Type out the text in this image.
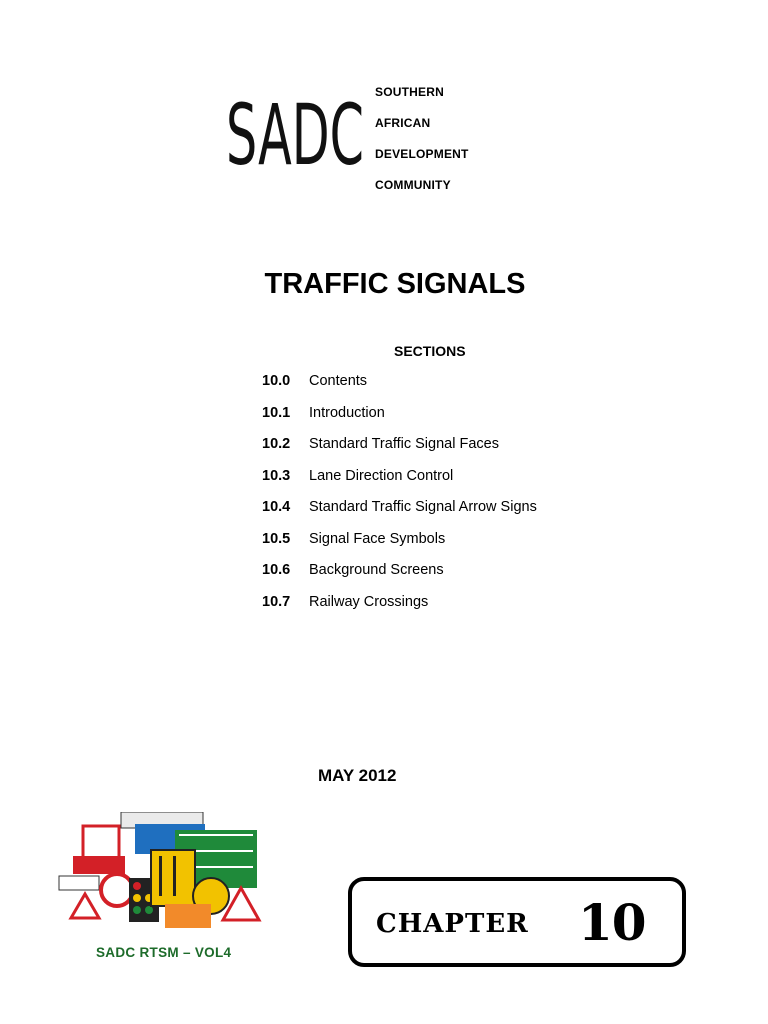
SADC SOUTHERN
AFRICAN
DEVELOPMENT
COMMUNITY
TRAFFIC SIGNALS
SECTIONS
10.0	Contents
10.1	Introduction
10.2	Standard Traffic Signal Faces
10.3	Lane Direction Control
10.4	Standard Traffic Signal Arrow Signs
10.5	Signal Face Symbols
10.6	Background Screens
10.7	Railway Crossings
MAY 2012
SADC RTSM – VOL4
CHAPTER 10
